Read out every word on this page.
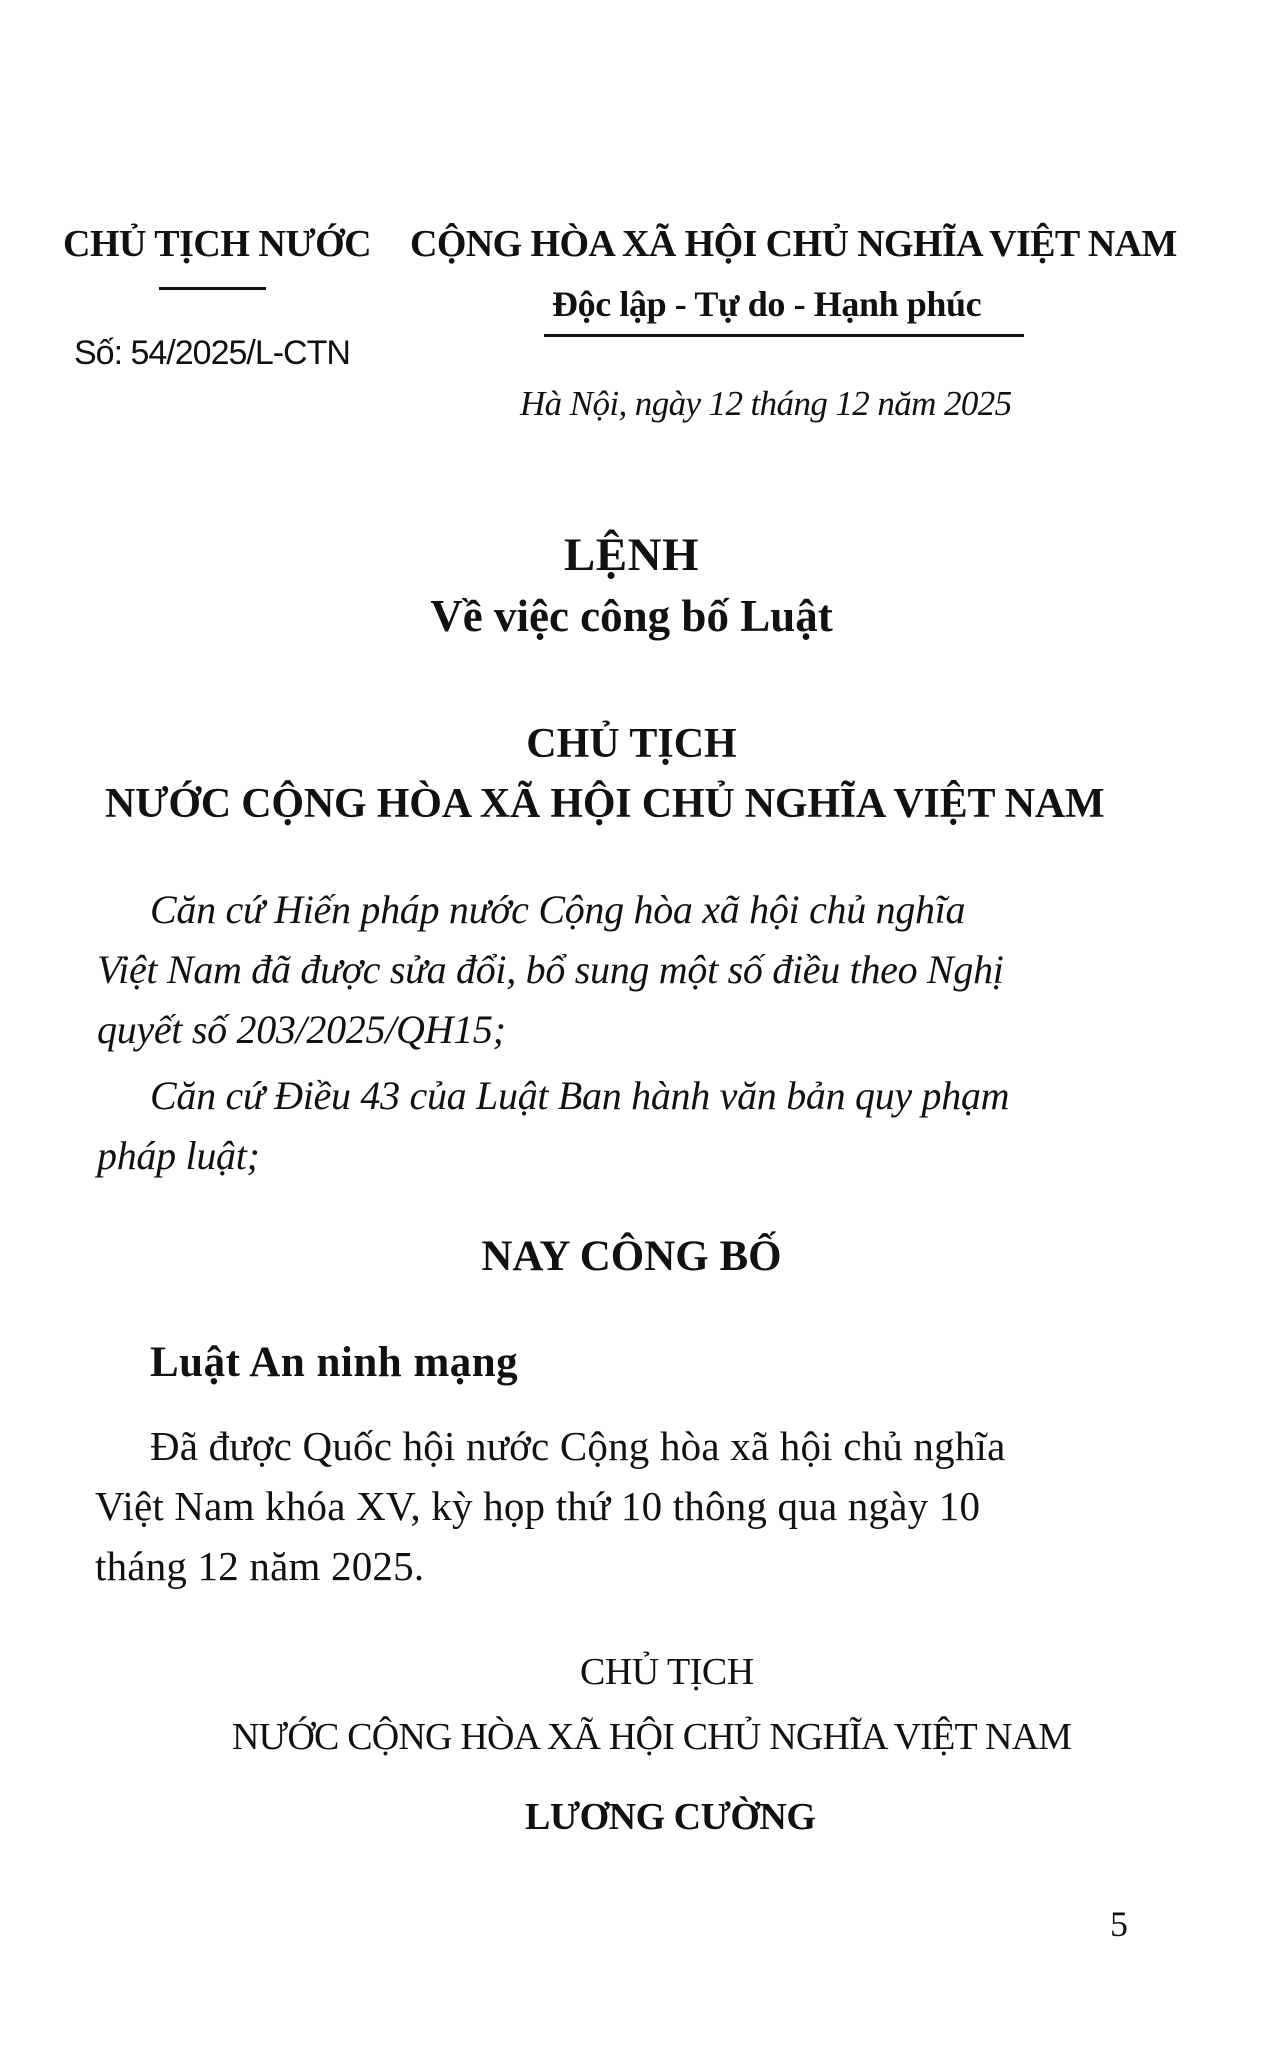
CHỦ TỊCH NƯỚC
Số: 54/2025/L-CTN
CỘNG HÒA XÃ HỘI CHỦ NGHĨA VIỆT NAM
Độc lập - Tự do - Hạnh phúc
Hà Nội, ngày 12 tháng 12 năm 2025
LỆNH
Về việc công bố Luật
CHỦ TỊCH
NƯỚC CỘNG HÒA XÃ HỘI CHỦ NGHĨA VIỆT NAM
Căn cứ Hiến pháp nước Cộng hòa xã hội chủ nghĩa
Việt Nam đã được sửa đổi, bổ sung một số điều theo Nghị
quyết số 203/2025/QH15;
Căn cứ Điều 43 của Luật Ban hành văn bản quy phạm
pháp luật;
NAY CÔNG BỐ
Luật An ninh mạng
Đã được Quốc hội nước Cộng hòa xã hội chủ nghĩa
Việt Nam khóa XV, kỳ họp thứ 10 thông qua ngày 10
tháng 12 năm 2025.
CHỦ TỊCH
NƯỚC CỘNG HÒA XÃ HỘI CHỦ NGHĨA VIỆT NAM
LƯƠNG CƯỜNG
5
